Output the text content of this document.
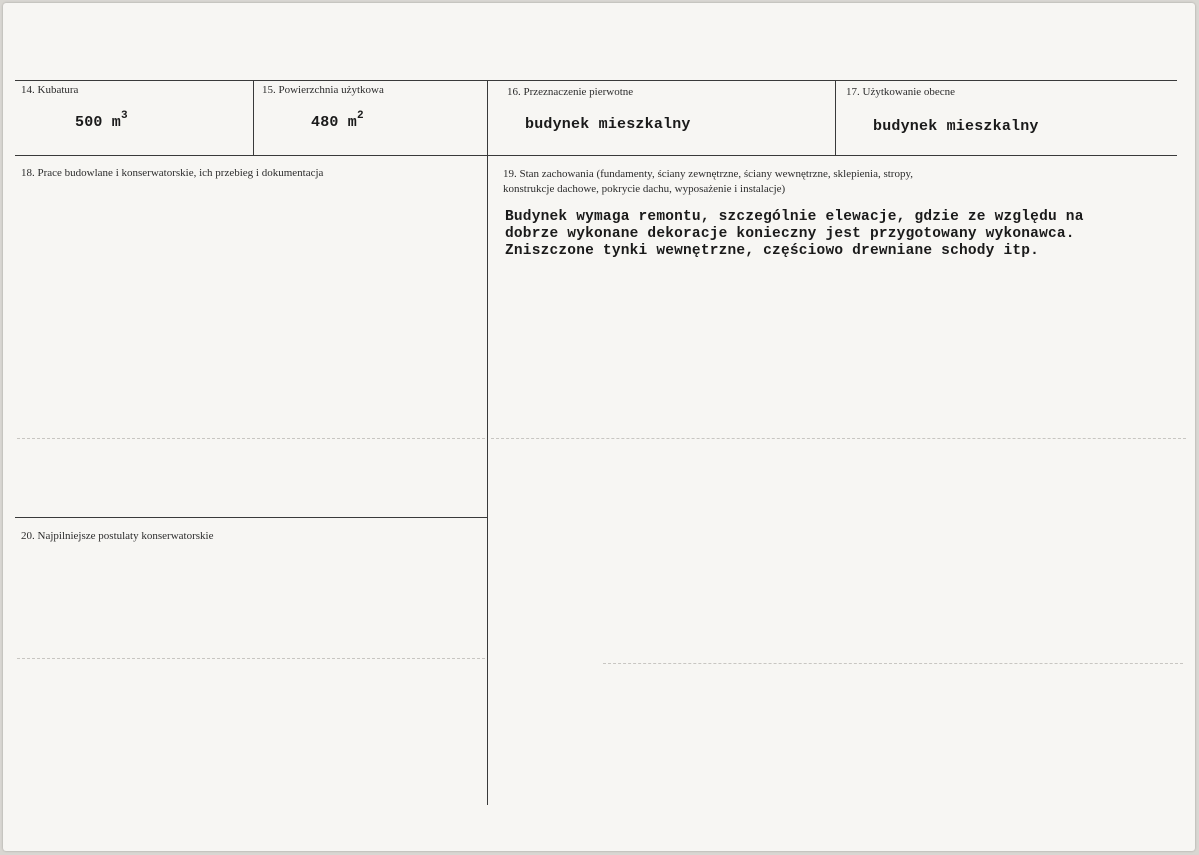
14. Kubatura
500 $m^3$
15. Powierzchnia użytkowa
480 $m^2$
16. Przeznaczenie pierwotne
budynek mieszkalny
17. Użytkowanie obecne
budynek mieszkalny
18. Prace budowlane i konserwatorskie, ich przebieg i dokumentacja	19. Stan zachowania (fundamenty, ściany zewnętrzne, ściany wewnętrzne, sklepienia, stropy,
konstrukcje dachowe, pokrycie dachu, wyposażenie i instalacje)
Budynek wymaga remontu, szczególnie elewacje, gdzie ze względu na
dobrze wykonane dekoracje konieczny jest przygotowany wykonawca.
Zniszczone tynki wewnętrzne, częściowo drewniane schody itp.
20. Najpilniejsze postulaty konserwatorskie
